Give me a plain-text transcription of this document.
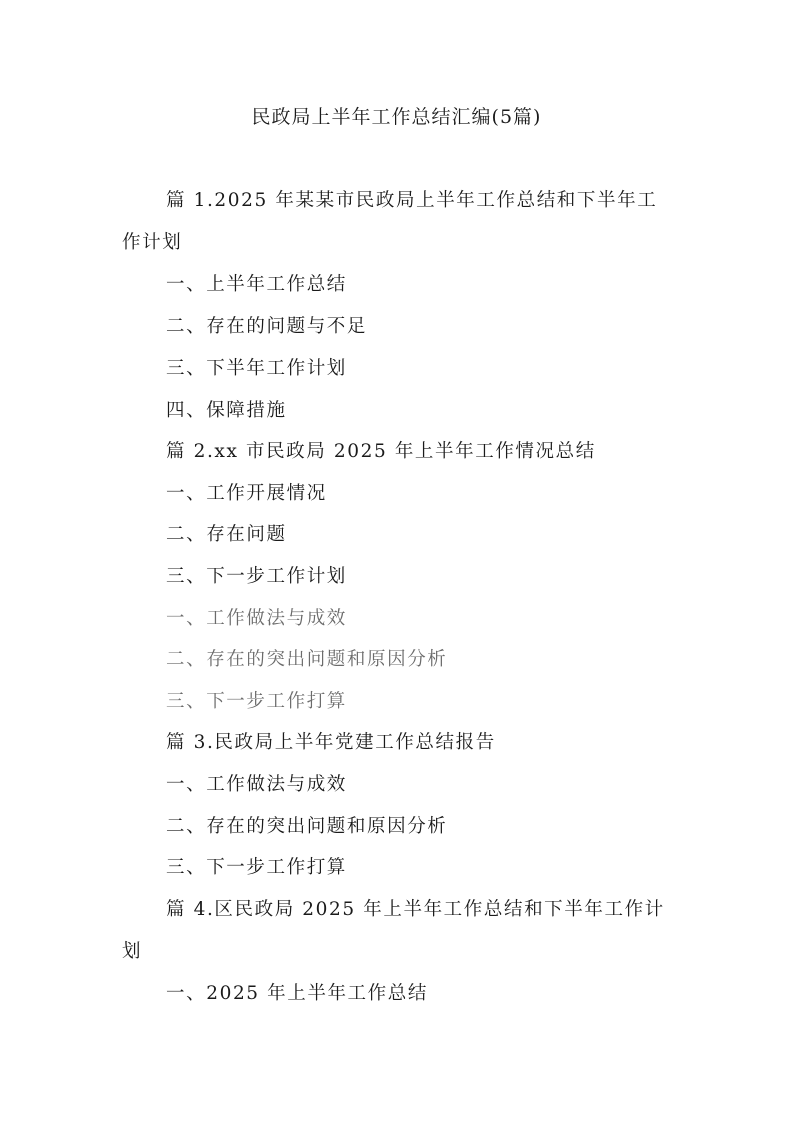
民政局上半年工作总结汇编(5篇)
篇 1.2025 年某某市民政局上半年工作总结和下半年工
作计划
一、上半年工作总结
二、存在的问题与不足
三、下半年工作计划
四、保障措施
篇 2.xx 市民政局 2025 年上半年工作情况总结
一、工作开展情况
二、存在问题
三、下一步工作计划
一、工作做法与成效
二、存在的突出问题和原因分析
三、下一步工作打算
篇 3.民政局上半年党建工作总结报告
一、工作做法与成效
二、存在的突出问题和原因分析
三、下一步工作打算
篇 4.区民政局 2025 年上半年工作总结和下半年工作计
划
一、2025 年上半年工作总结
